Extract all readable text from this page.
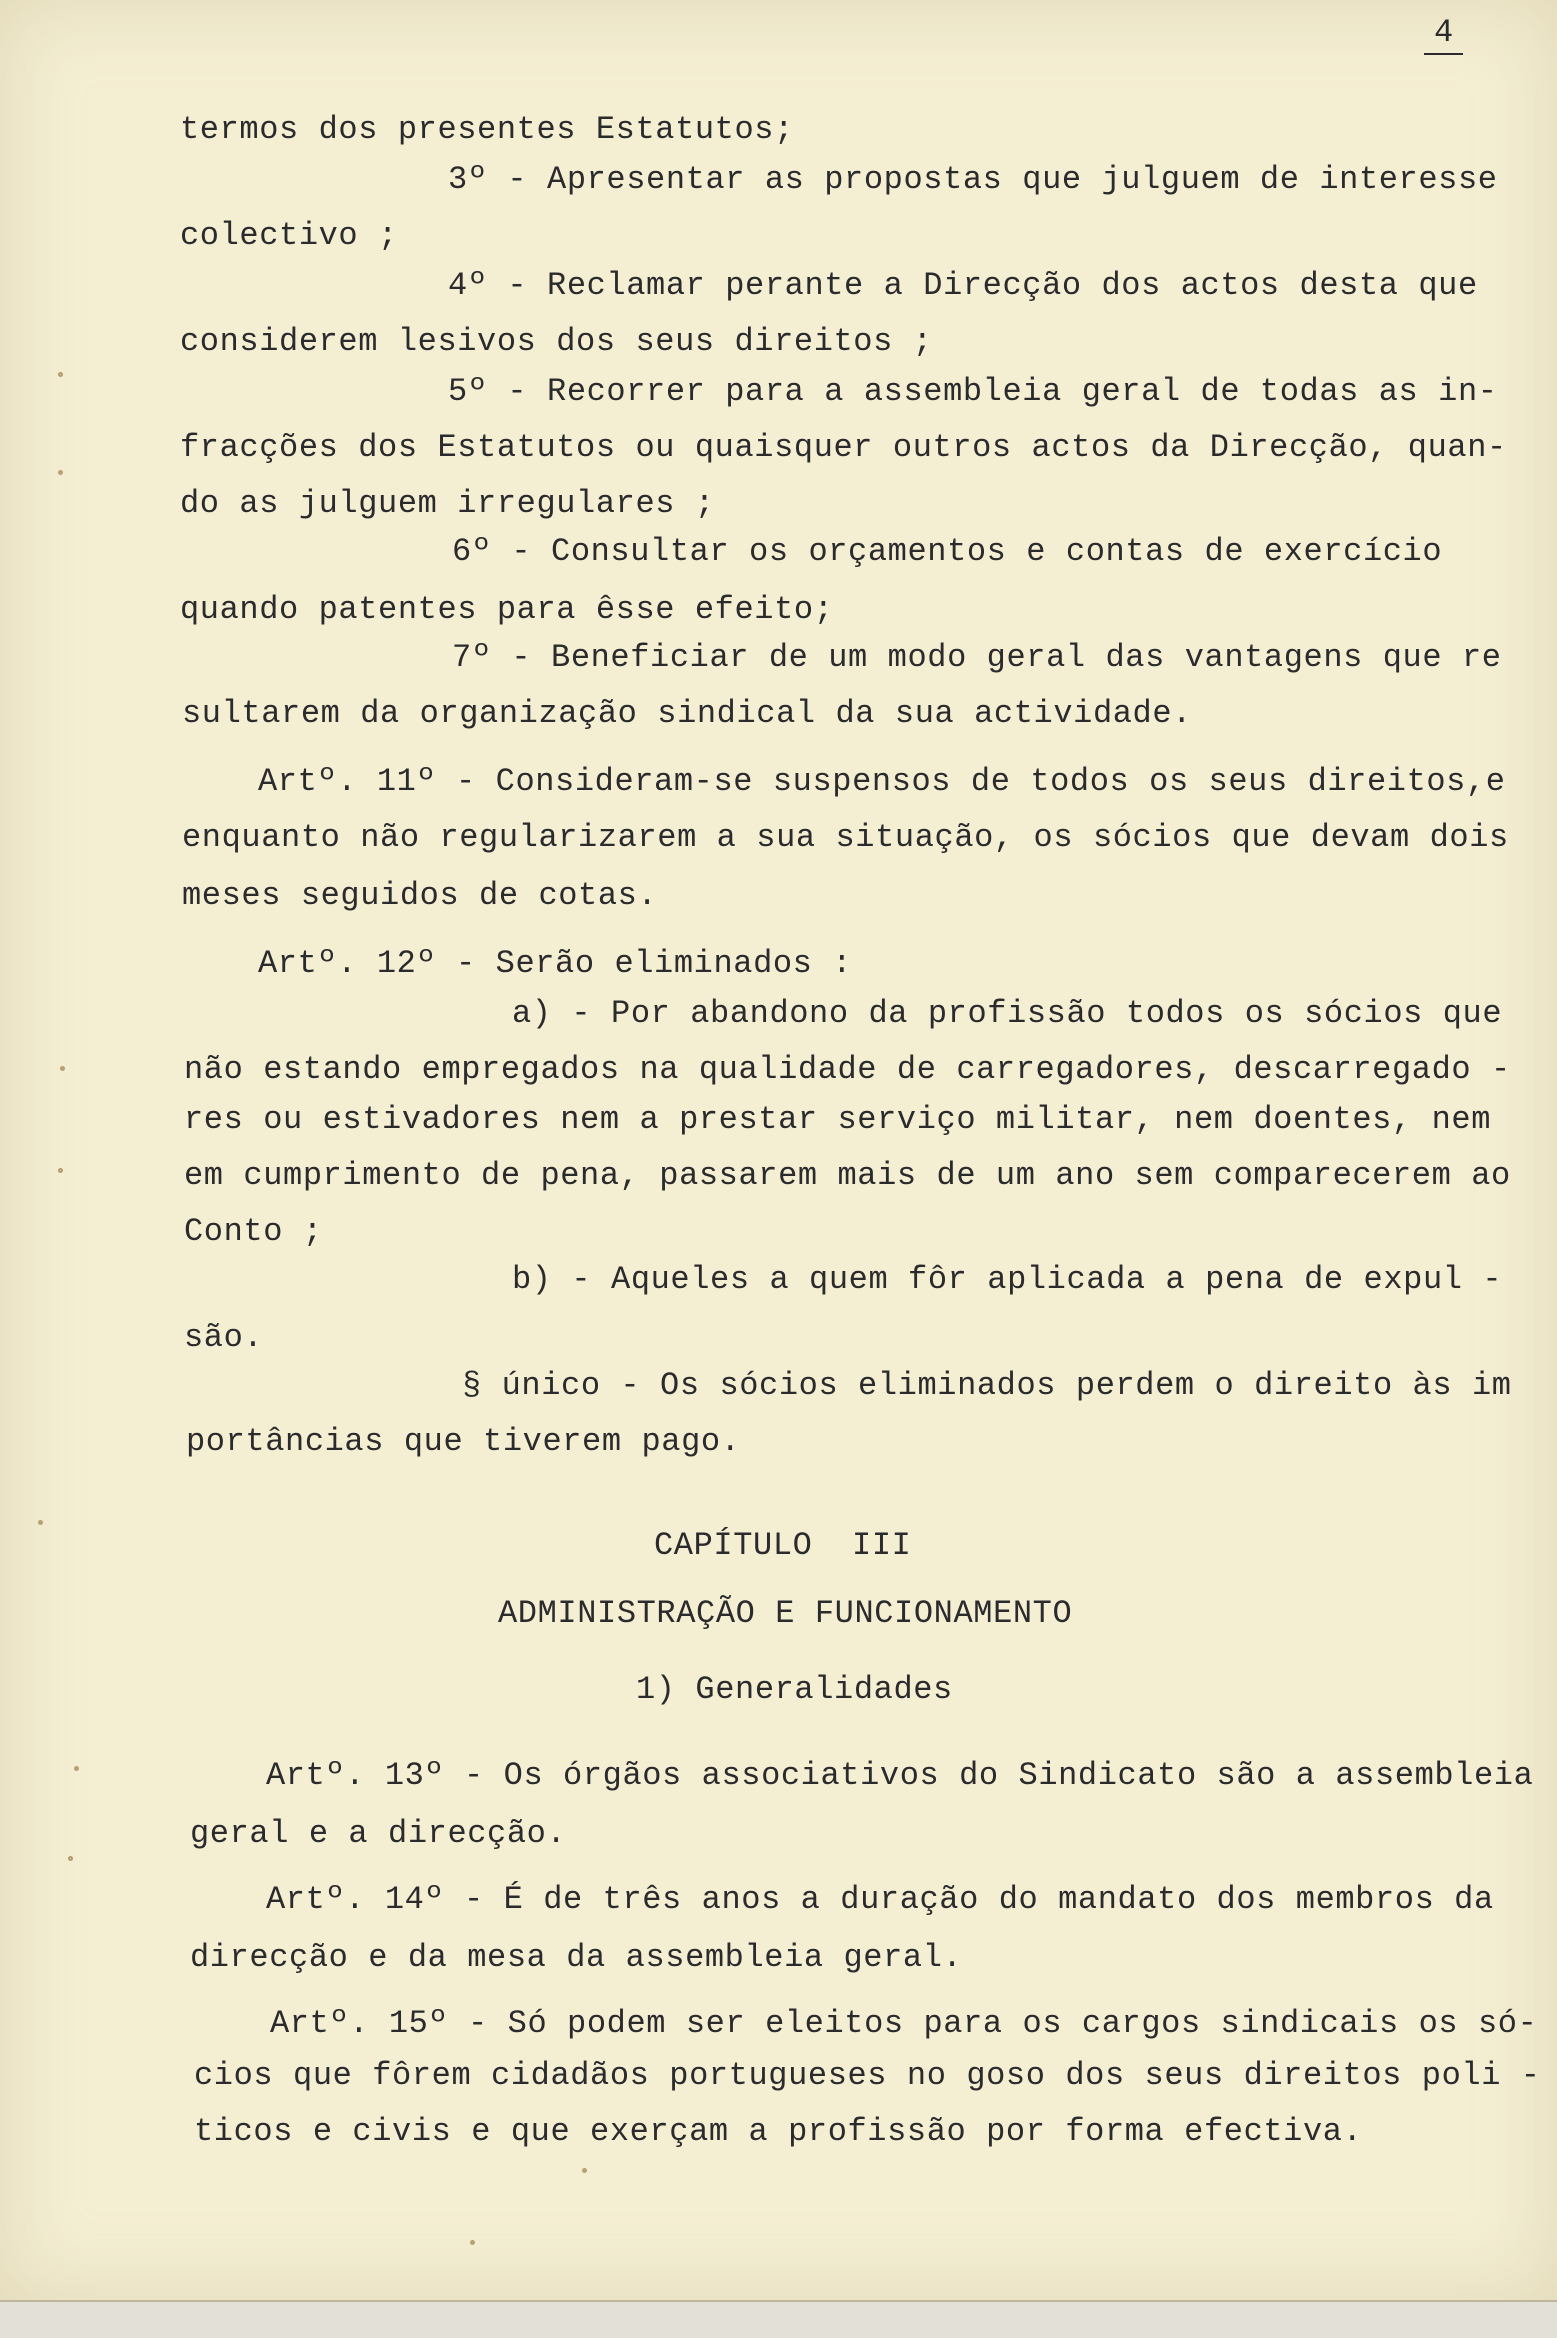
4
termos dos presentes Estatutos;
3º - Apresentar as propostas que julguem de interesse
colectivo ;
4º - Reclamar perante a Direcção dos actos desta que
considerem lesivos dos seus direitos ;
5º - Recorrer para a assembleia geral de todas as in-
fracções dos Estatutos ou quaisquer outros actos da Direcção, quan-
do as julguem irregulares ;
6º - Consultar os orçamentos e contas de exercício
quando patentes para êsse efeito;
7º - Beneficiar de um modo geral das vantagens que re
sultarem da organização sindical da sua actividade.
Artº. 11º - Consideram-se suspensos de todos os seus direitos,e
enquanto não regularizarem a sua situação, os sócios que devam dois
meses seguidos de cotas.
Artº. 12º - Serão eliminados :
a) - Por abandono da profissão todos os sócios que
não estando empregados na qualidade de carregadores, descarregado -
res ou estivadores nem a prestar serviço militar, nem doentes, nem
em cumprimento de pena, passarem mais de um ano sem comparecerem ao
Conto ;
b) - Aqueles a quem fôr aplicada a pena de expul -
são.
§ único - Os sócios eliminados perdem o direito às im
portâncias que tiverem pago.
CAPÍTULO  III
ADMINISTRAÇÃO E FUNCIONAMENTO
1) Generalidades
Artº. 13º - Os órgãos associativos do Sindicato são a assembleia
geral e a direcção.
Artº. 14º - É de três anos a duração do mandato dos membros da
direcção e da mesa da assembleia geral.
Artº. 15º - Só podem ser eleitos para os cargos sindicais os só-
cios que fôrem cidadãos portugueses no goso dos seus direitos poli -
ticos e civis e que exerçam a profissão por forma efectiva.
